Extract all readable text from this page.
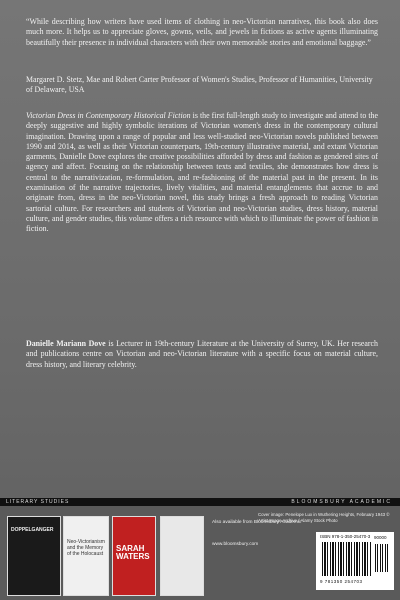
“While describing how writers have used items of clothing in neo-Victorian narratives, this book also does much more. It helps us to appreciate gloves, gowns, veils, and jewels in fictions as active agents illuminating beautifully their presence in individual characters with their own memorable stories and emotional baggage.”

Margaret D. Stetz, Mae and Robert Carter Professor of Women's Studies, Professor of Humanities, University of Delaware, USA

Victorian Dress in Contemporary Historical Fiction is the first full-length study to investigate and attend to the deeply suggestive and highly symbolic iterations of Victorian women's dress in the contemporary cultural imagination. Drawing upon a range of popular and less well-studied neo-Victorian novels published between 1990 and 2014, as well as their Victorian counterparts, 19th-century illustrative material, and extant Victorian garments, Danielle Dove explores the creative possibilities afforded by dress and fashion as gendered sites of agency and affect. Focusing on the relationship between texts and textiles, she demonstrates how dress is central to the narrativization, re-formulation, and re-fashioning of the material past in the present. In its examination of the narrative trajectories, lively vitalities, and material entanglements that accrue to and originate from, dress in the neo-Victorian novel, this study brings a fresh approach to reading Victorian sartorial culture. For researchers and students of Victorian and neo-Victorian studies, dress history, material culture, and gender studies, this volume offers a rich resource with which to illuminate the power of fashion in fiction.

Danielle Mariann Dove is Lecturer in 19th-century Literature at the University of Surrey, UK. Her research and publications centre on Victorian and neo-Victorian literature with a specific focus on material culture, dress history, and literary celebrity.

LITERARY STUDIES	BLOOMSBURY ACADEMIC
DOPPELGANGER
Neo-Victorianism and the Memory of the Holocaust
SARAH WATERS
Also available from Bloomsbury Academic
www.bloomsbury.com
Cover image: Penelope Lux in Wuthering Heights, February 1943 © Artist Image Archive / Alamy Stock Photo
ISBN 978-1-350-25470-3 90000
9 781350 254703
